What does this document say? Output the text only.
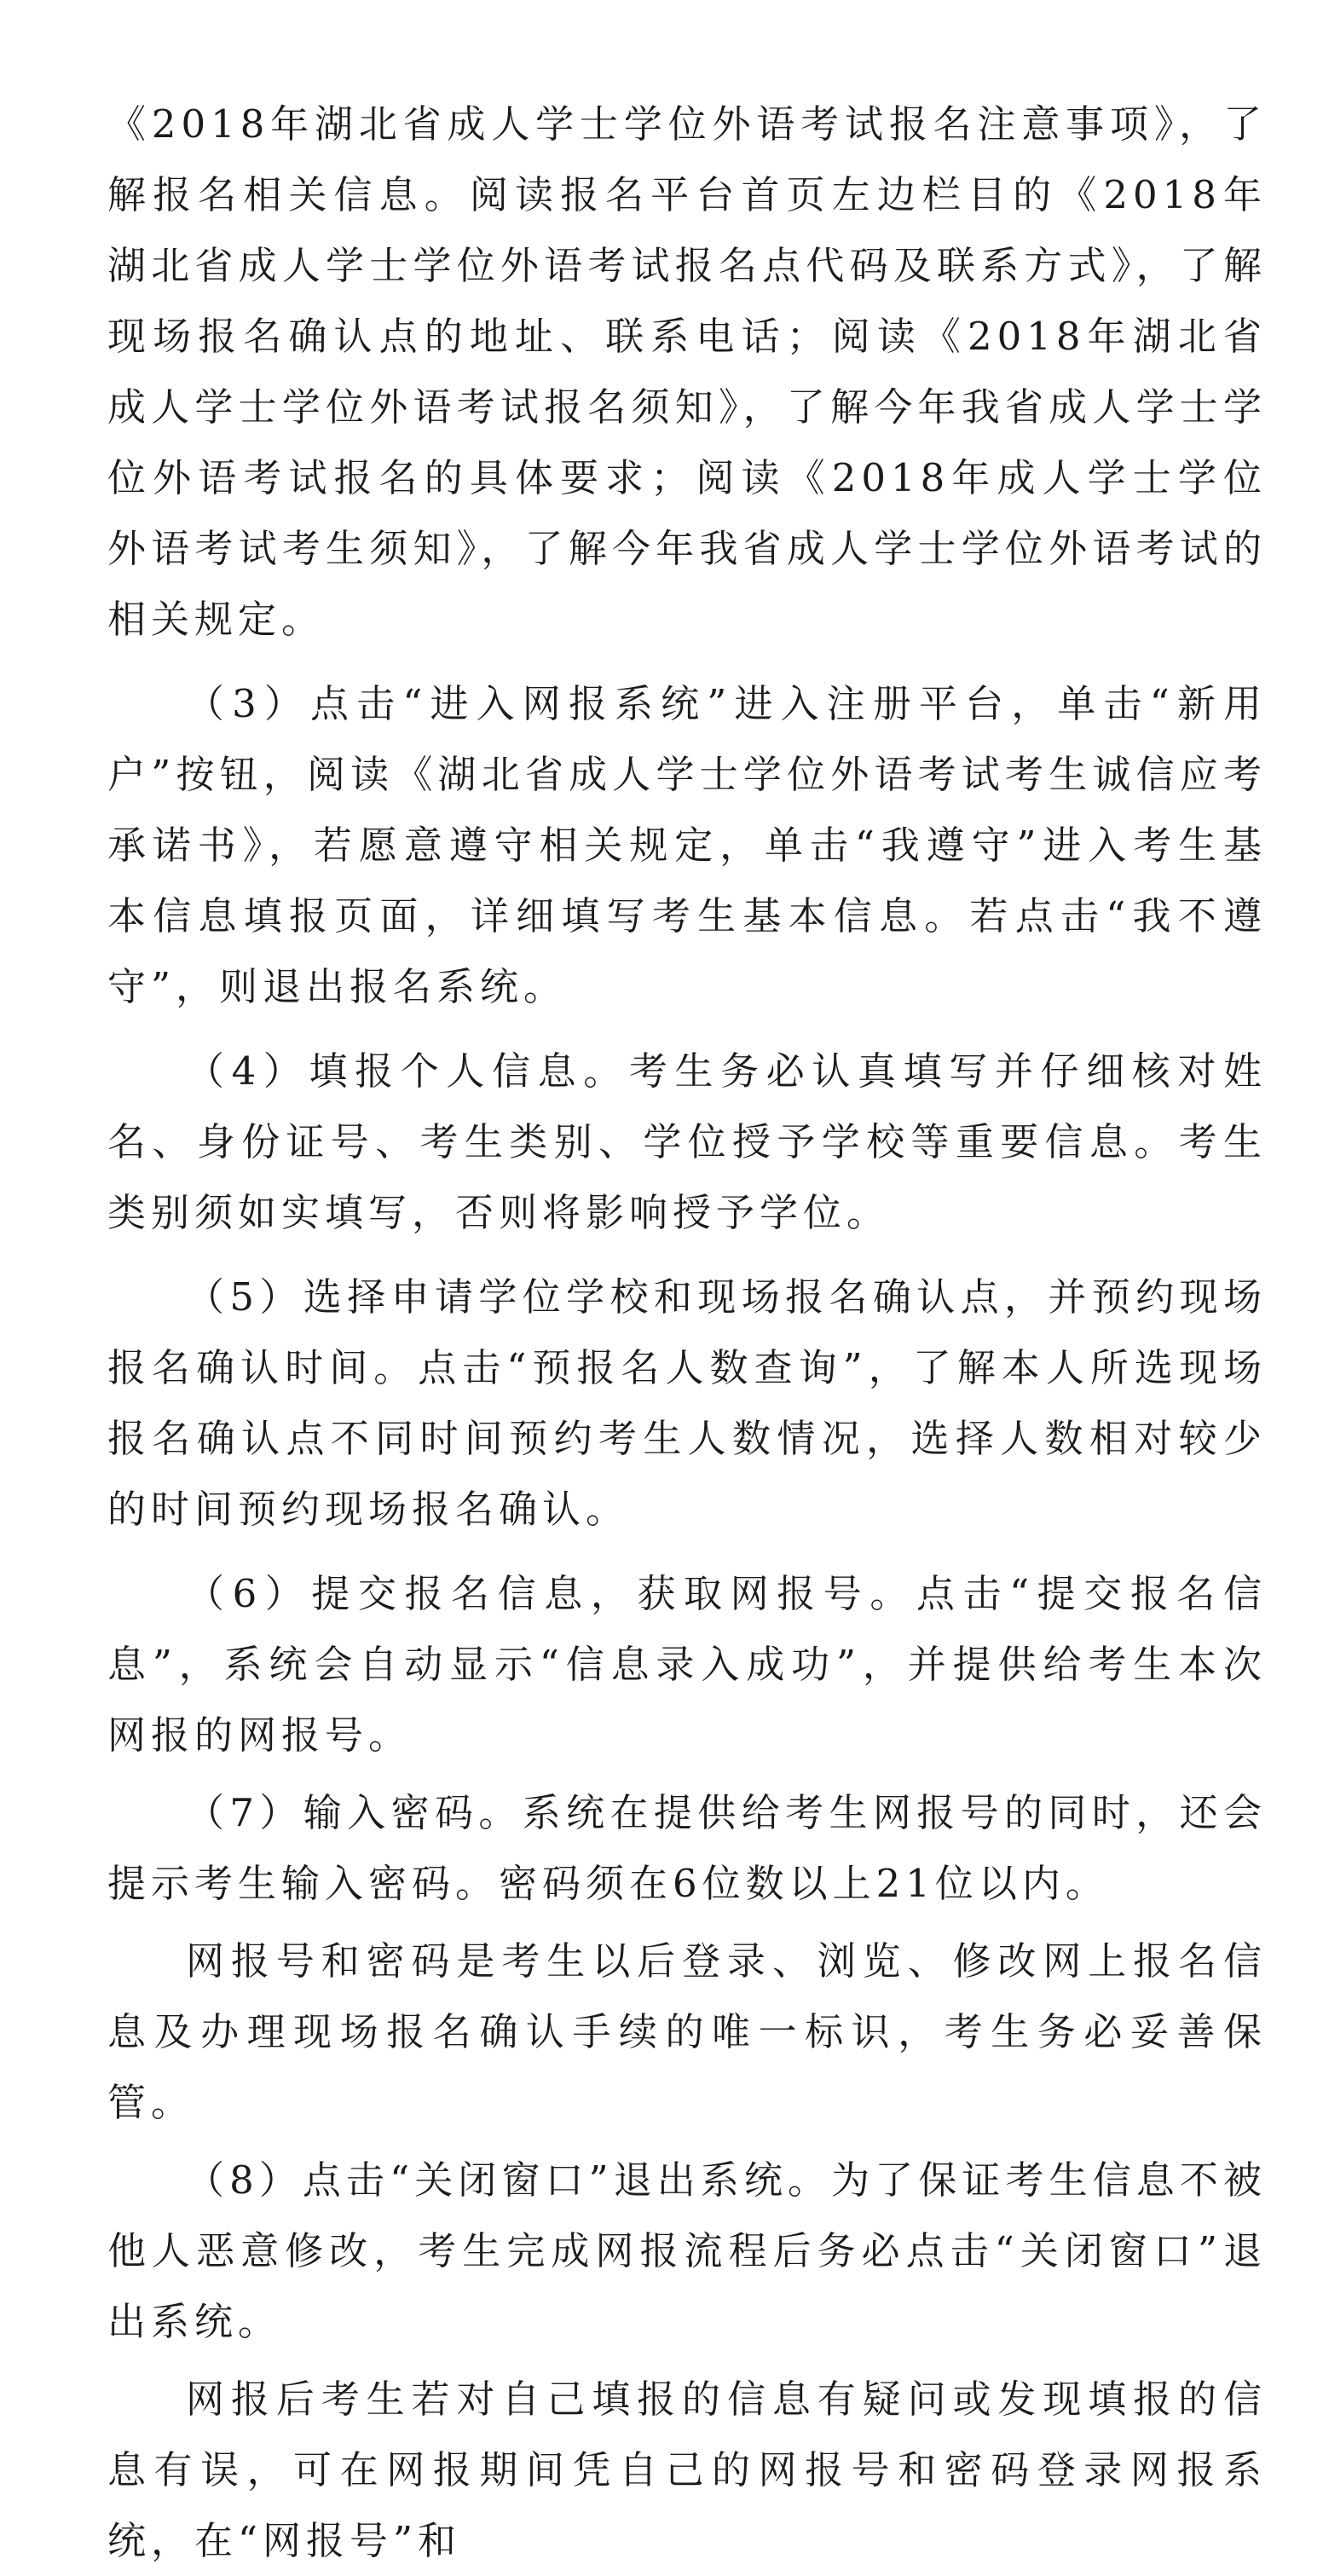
《2018年湖北省成人学士学位外语考试报名注意事项》，了解报名相关信息。阅读报名平台首页左边栏目的《2018年湖北省成人学士学位外语考试报名点代码及联系方式》，了解现场报名确认点的地址、联系电话；阅读《2018年湖北省成人学士学位外语考试报名须知》，了解今年我省成人学士学位外语考试报名的具体要求；阅读《2018年成人学士学位外语考试考生须知》，了解今年我省成人学士学位外语考试的相关规定。

（3）点击“进入网报系统”进入注册平台，单击“新用户”按钮，阅读《湖北省成人学士学位外语考试考生诚信应考承诺书》，若愿意遵守相关规定，单击“我遵守”进入考生基本信息填报页面，详细填写考生基本信息。若点击“我不遵守”，则退出报名系统。

（4）填报个人信息。考生务必认真填写并仔细核对姓名、身份证号、考生类别、学位授予学校等重要信息。考生类别须如实填写，否则将影响授予学位。

（5）选择申请学位学校和现场报名确认点，并预约现场报名确认时间。点击“预报名人数查询”，了解本人所选现场报名确认点不同时间预约考生人数情况，选择人数相对较少的时间预约现场报名确认。

（6）提交报名信息，获取网报号。点击“提交报名信息”，系统会自动显示“信息录入成功”，并提供给考生本次网报的网报号。

（7）输入密码。系统在提供给考生网报号的同时，还会提示考生输入密码。密码须在6位数以上21位以内。

网报号和密码是考生以后登录、浏览、修改网上报名信息及办理现场报名确认手续的唯一标识，考生务必妥善保管。

（8）点击“关闭窗口”退出系统。为了保证考生信息不被他人恶意修改，考生完成网报流程后务必点击“关闭窗口”退出系统。

网报后考生若对自己填报的信息有疑问或发现填报的信息有误，可在网报期间凭自己的网报号和密码登录网报系统，在“网报号”和
